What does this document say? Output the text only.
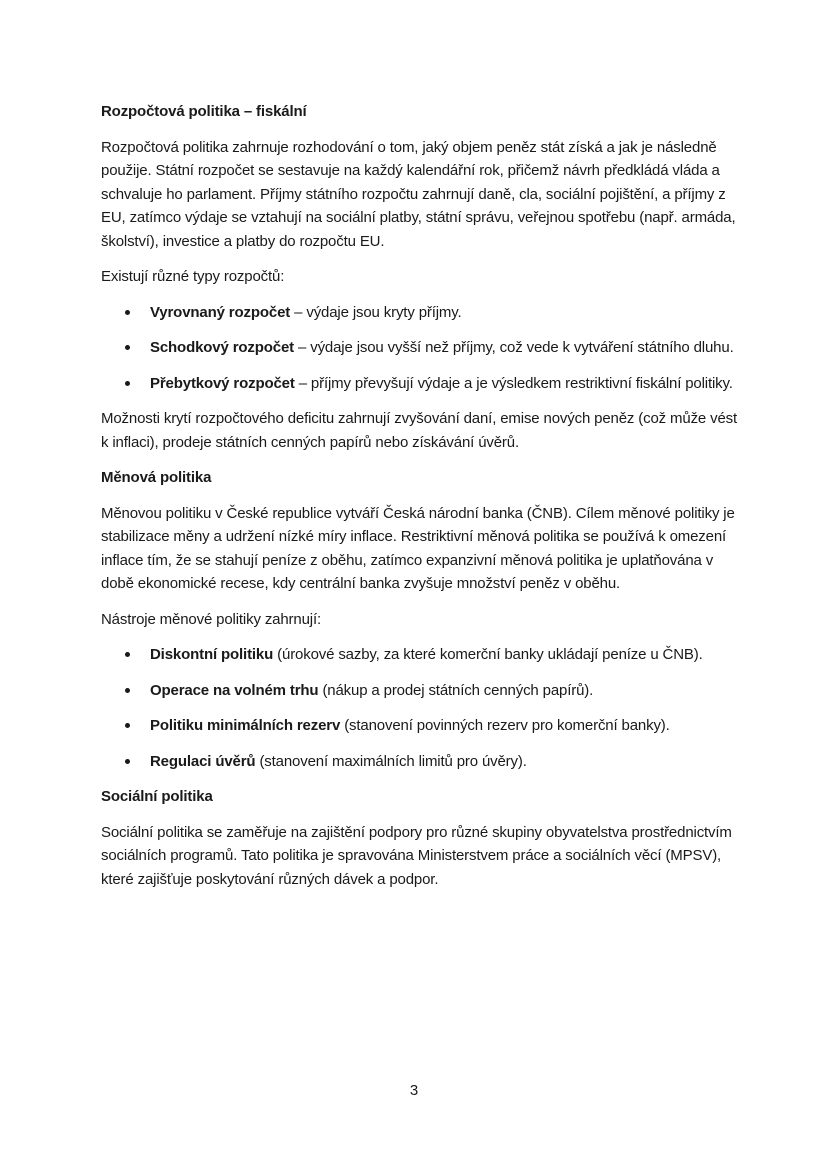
Rozpočtová politika – fiskální

Rozpočtová politika zahrnuje rozhodování o tom, jaký objem peněz stát získá a jak je následně použije. Státní rozpočet se sestavuje na každý kalendářní rok, přičemž návrh předkládá vláda a schvaluje ho parlament. Příjmy státního rozpočtu zahrnují daně, cla, sociální pojištění, a příjmy z EU, zatímco výdaje se vztahují na sociální platby, státní správu, veřejnou spotřebu (např. armáda, školství), investice a platby do rozpočtu EU.

Existují různé typy rozpočtů:

Vyrovnaný rozpočet – výdaje jsou kryty příjmy.
Schodkový rozpočet – výdaje jsou vyšší než příjmy, což vede k vytváření státního dluhu.
Přebytkový rozpočet – příjmy převyšují výdaje a je výsledkem restriktivní fiskální politiky.

Možnosti krytí rozpočtového deficitu zahrnují zvyšování daní, emise nových peněz (což může vést k inflaci), prodeje státních cenných papírů nebo získávání úvěrů.

Měnová politika

Měnovou politiku v České republice vytváří Česká národní banka (ČNB). Cílem měnové politiky je stabilizace měny a udržení nízké míry inflace. Restriktivní měnová politika se používá k omezení inflace tím, že se stahují peníze z oběhu, zatímco expanzivní měnová politika je uplatňována v době ekonomické recese, kdy centrální banka zvyšuje množství peněz v oběhu.

Nástroje měnové politiky zahrnují:

Diskontní politiku (úrokové sazby, za které komerční banky ukládají peníze u ČNB).
Operace na volném trhu (nákup a prodej státních cenných papírů).
Politiku minimálních rezerv (stanovení povinných rezerv pro komerční banky).
Regulaci úvěrů (stanovení maximálních limitů pro úvěry).

Sociální politika

Sociální politika se zaměřuje na zajištění podpory pro různé skupiny obyvatelstva prostřednictvím sociálních programů. Tato politika je spravována Ministerstvem práce a sociálních věcí (MPSV), které zajišťuje poskytování různých dávek a podpor.

3
